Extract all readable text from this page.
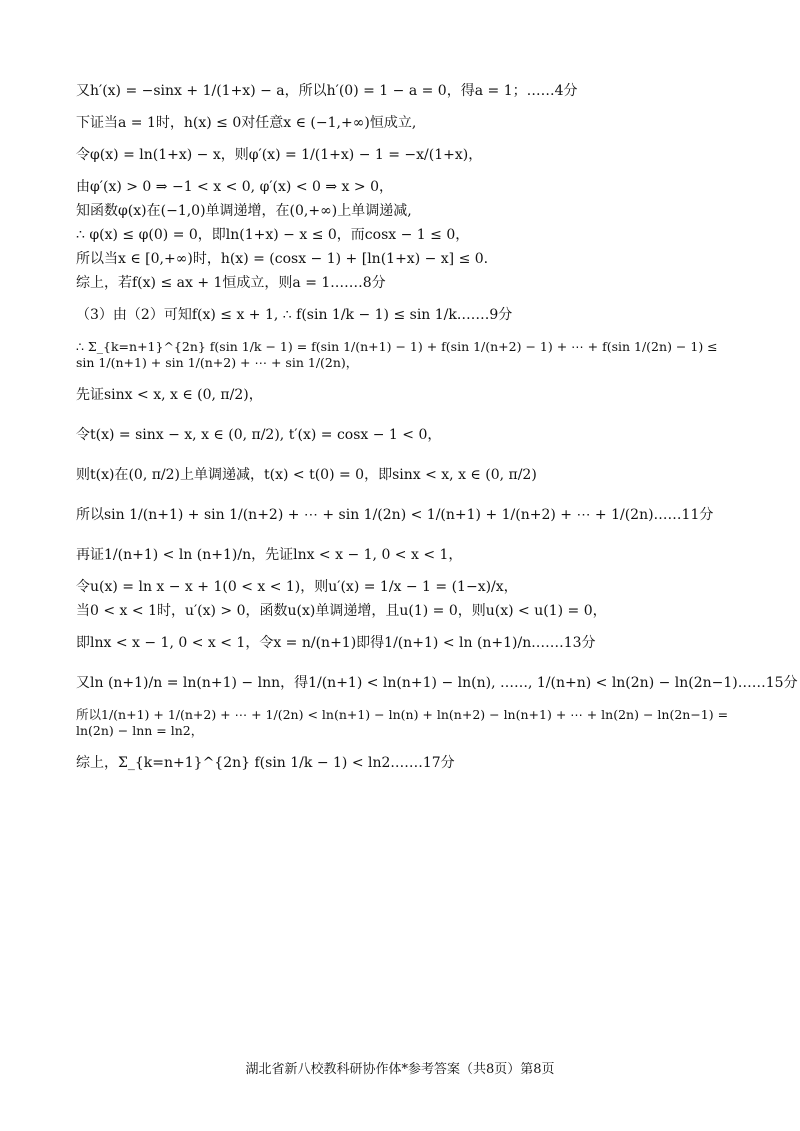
又h′(x) = −sinx + 1/(1+x) − a，所以h′(0) = 1 − a = 0，得a = 1；……4分
下证当a = 1时，h(x) ≤ 0对任意x ∈ (−1,+∞)恒成立,
令φ(x) = ln(1+x) − x，则φ′(x) = 1/(1+x) − 1 = −x/(1+x)，
由φ′(x) > 0 ⇒ −1 < x < 0, φ′(x) < 0 ⇒ x > 0，
知函数φ(x)在(−1,0)单调递增，在(0,+∞)上单调递减,
∴ φ(x) ≤ φ(0) = 0，即ln(1+x) − x ≤ 0，而cosx − 1 ≤ 0，
所以当x ∈ [0,+∞)时，h(x) = (cosx − 1) + [ln(1+x) − x] ≤ 0.
综上，若f(x) ≤ ax + 1恒成立，则a = 1.……8分
（3）由（2）可知f(x) ≤ x + 1, ∴ f(sin 1/k − 1) ≤ sin 1/k.……9分
∴ Σ_{k=n+1}^{2n} f(sin 1/k − 1) = f(sin 1/(n+1) − 1) + f(sin 1/(n+2) − 1) + ⋯ + f(sin 1/(2n) − 1) ≤ sin 1/(n+1) + sin 1/(n+2) + ⋯ + sin 1/(2n)，
先证sinx < x, x ∈ (0, π/2)，
令t(x) = sinx − x, x ∈ (0, π/2), t′(x) = cosx − 1 < 0，
则t(x)在(0, π/2)上单调递减，t(x) < t(0) = 0，即sinx < x, x ∈ (0, π/2)
所以sin 1/(n+1) + sin 1/(n+2) + ⋯ + sin 1/(2n) < 1/(n+1) + 1/(n+2) + ⋯ + 1/(2n)……11分
再证1/(n+1) < ln (n+1)/n，先证lnx < x − 1, 0 < x < 1，
令u(x) = ln x − x + 1(0 < x < 1)，则u′(x) = 1/x − 1 = (1−x)/x，
当0 < x < 1时，u′(x) > 0，函数u(x)单调递增，且u(1) = 0，则u(x) < u(1) = 0，
即lnx < x − 1, 0 < x < 1，令x = n/(n+1)即得1/(n+1) < ln (n+1)/n.……13分
又ln (n+1)/n = ln(n+1) − lnn，得1/(n+1) < ln(n+1) − ln(n), ……, 1/(n+n) < ln(2n) − ln(2n−1)……15分
所以1/(n+1) + 1/(n+2) + ⋯ + 1/(2n) < ln(n+1) − ln(n) + ln(n+2) − ln(n+1) + ⋯ + ln(2n) − ln(2n−1) = ln(2n) − lnn = ln2，
综上，Σ_{k=n+1}^{2n} f(sin 1/k − 1) < ln2.……17分
湖北省新八校教科研协作体*参考答案（共8页）第8页
